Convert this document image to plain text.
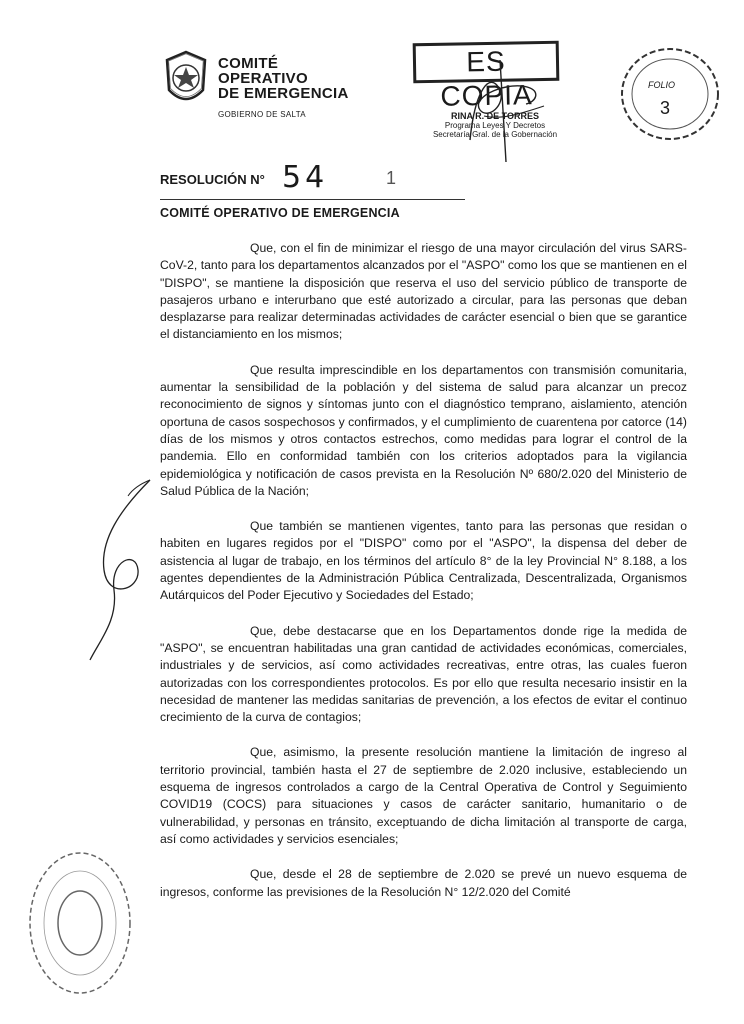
COMITÉ
OPERATIVO
DE EMERGENCIA
GOBIERNO DE SALTA
ES COPIA
RINA R. DE TORRES
Programa Leyes Y Decretos
Secretaría Gral. de la Gobernación
FOLIO
3
RESOLUCIÓN N° 54	1
COMITÉ OPERATIVO DE EMERGENCIA

Que, con el fin de minimizar el riesgo de una mayor circulación del virus SARS-CoV-2, tanto para los departamentos alcanzados por el "ASPO" como los que se mantienen en el "DISPO", se mantiene la disposición que reserva el uso del servicio público de transporte de pasajeros urbano e interurbano que esté autorizado a circular, para las personas que deban desplazarse para realizar determinadas actividades de carácter esencial o bien que se garantice el distanciamiento en los mismos;

Que resulta imprescindible en los departamentos con transmisión comunitaria, aumentar la sensibilidad de la población y del sistema de salud para alcanzar un precoz reconocimiento de signos y síntomas junto con el diagnóstico temprano, aislamiento, atención oportuna de casos sospechosos y confirmados, y el cumplimiento de cuarentena por catorce (14) días de los mismos y otros contactos estrechos, como medidas para lograr el control de la pandemia. Ello en conformidad también con los criterios adoptados para la vigilancia epidemiológica y notificación de casos prevista en la Resolución Nº 680/2.020 del Ministerio de Salud Pública de la Nación;

Que también se mantienen vigentes, tanto para las personas que residan o habiten en lugares regidos por el "DISPO" como por el "ASPO", la dispensa del deber de asistencia al lugar de trabajo, en los términos del artículo 8° de la ley Provincial N° 8.188, a los agentes dependientes de la Administración Pública Centralizada, Descentralizada, Organismos Autárquicos del Poder Ejecutivo y Sociedades del Estado;

Que, debe destacarse que en los Departamentos donde rige la medida de "ASPO", se encuentran habilitadas una gran cantidad de actividades económicas, comerciales, industriales y de servicios, así como actividades recreativas, entre otras, las cuales fueron autorizadas con los correspondientes protocolos. Es por ello que resulta necesario insistir en la necesidad de mantener las medidas sanitarias de prevención, a los efectos de evitar el continuo crecimiento de la curva de contagios;

Que, asimismo, la presente resolución mantiene la limitación de ingreso al territorio provincial, también hasta el 27 de septiembre de 2.020 inclusive, estableciendo un esquema de ingresos controlados a cargo de la Central Operativa de Control y Seguimiento COVID19 (COCS) para situaciones y casos de carácter sanitario, humanitario o de vulnerabilidad, y personas en tránsito, exceptuando de dicha limitación al transporte de carga, así como actividades y servicios esenciales;

Que, desde el 28 de septiembre de 2.020 se prevé un nuevo esquema de ingresos, conforme las previsiones de la Resolución N° 12/2.020 del Comité
